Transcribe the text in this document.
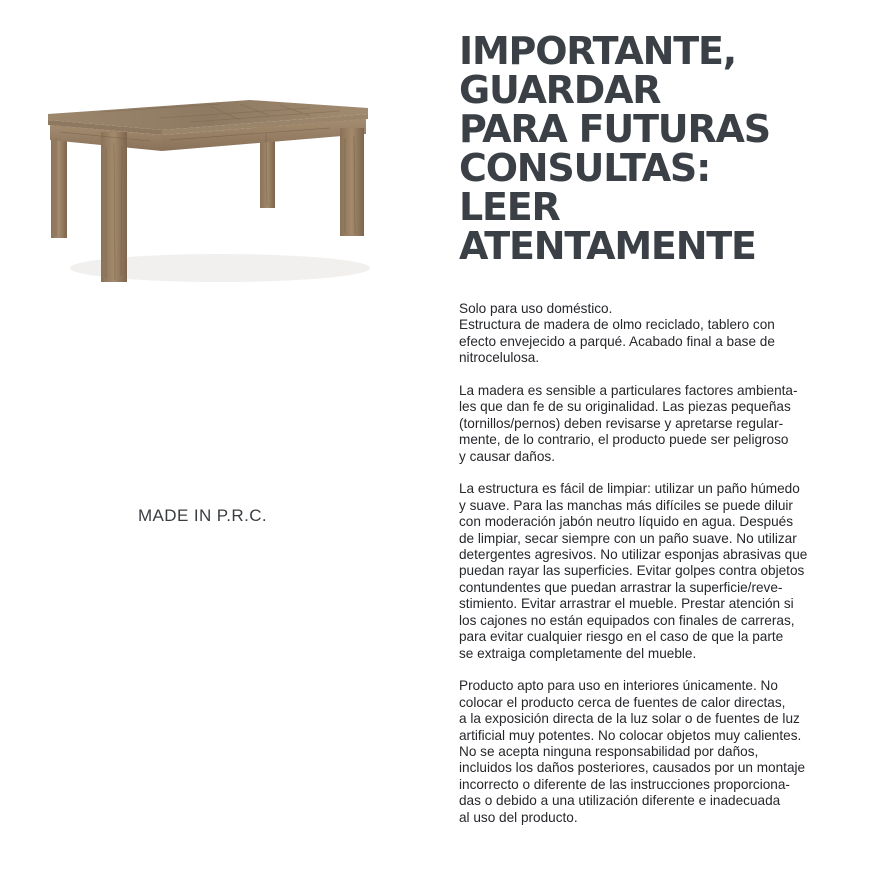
MADE IN P.R.C.
IMPORTANTE,
GUARDAR
PARA FUTURAS
CONSULTAS:
LEER
ATENTAMENTE

Solo para uso doméstico.
Estructura de madera de olmo reciclado, tablero con
efecto envejecido a parqué. Acabado final a base de
nitrocelulosa.

La madera es sensible a particulares factores ambienta-
les que dan fe de su originalidad. Las piezas pequeñas
(tornillos/pernos) deben revisarse y apretarse regular-
mente, de lo contrario, el producto puede ser peligroso
y causar daños.

La estructura es fácil de limpiar: utilizar un paño húmedo
y suave. Para las manchas más difíciles se puede diluir
con moderación jabón neutro líquido en agua. Después
de limpiar, secar siempre con un paño suave. No utilizar
detergentes agresivos. No utilizar esponjas abrasivas que
puedan rayar las superficies. Evitar golpes contra objetos
contundentes que puedan arrastrar la superficie/reve-
stimiento. Evitar arrastrar el mueble. Prestar atención si
los cajones no están equipados con finales de carreras,
para evitar cualquier riesgo en el caso de que la parte
se extraiga completamente del mueble.

Producto apto para uso en interiores únicamente. No
colocar el producto cerca de fuentes de calor directas,
a la exposición directa de la luz solar o de fuentes de luz
artificial muy potentes. No colocar objetos muy calientes.
No se acepta ninguna responsabilidad por daños,
incluidos los daños posteriores, causados por un montaje
incorrecto o diferente de las instrucciones proporciona-
das o debido a una utilización diferente e inadecuada
al uso del producto.
